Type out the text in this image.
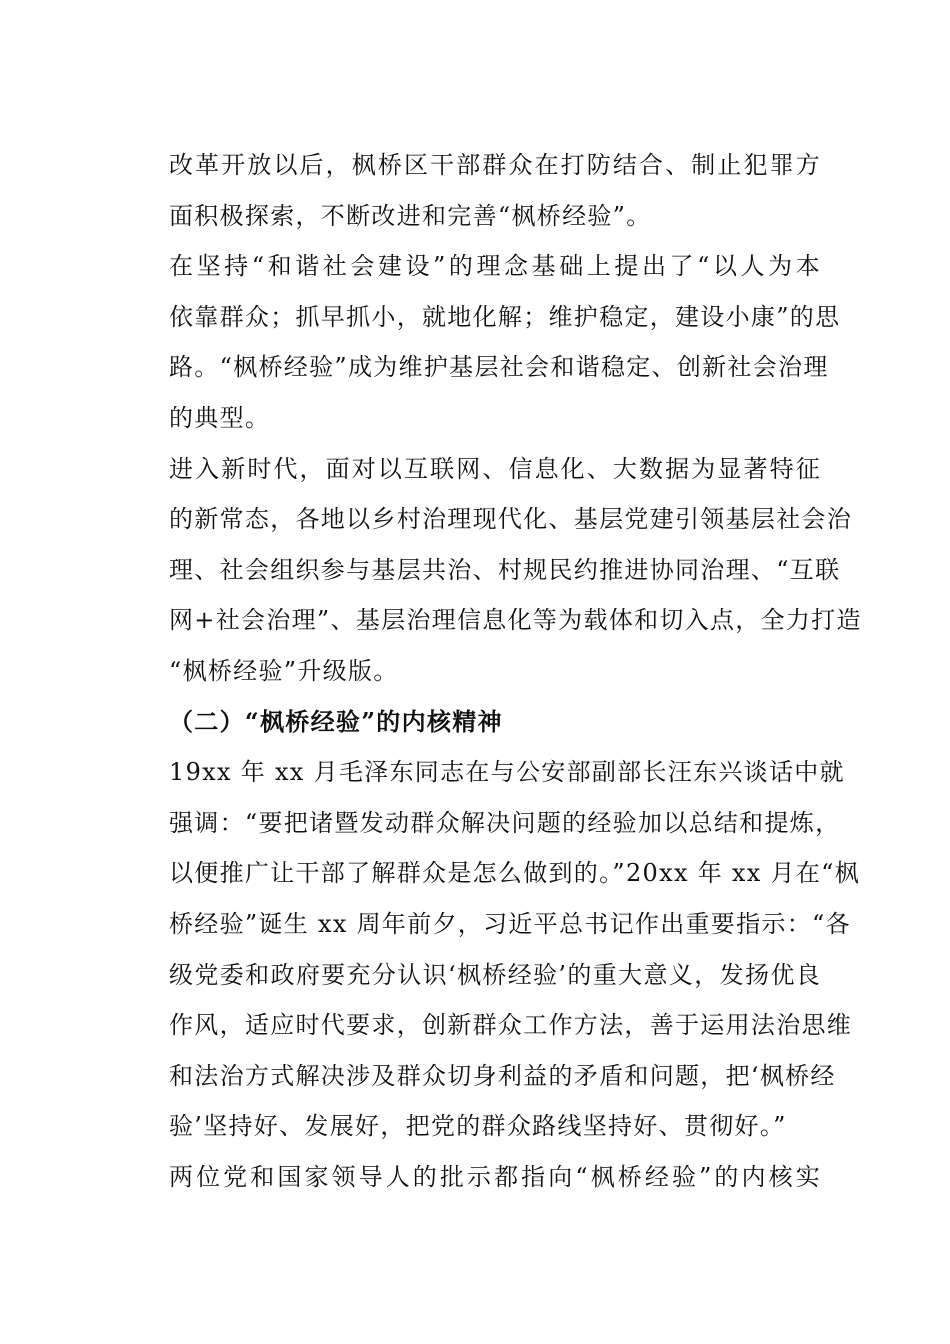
改革开放以后，枫桥区干部群众在打防结合、制止犯罪方
面积极探索，不断改进和完善“枫桥经验”。

在坚持“和谐社会建设”的理念基础上提出了“以人为本
依靠群众；抓早抓小，就地化解；维护稳定，建设小康”的思
路。“枫桥经验”成为维护基层社会和谐稳定、创新社会治理
的典型。

进入新时代，面对以互联网、信息化、大数据为显著特征
的新常态，各地以乡村治理现代化、基层党建引领基层社会治
理、社会组织参与基层共治、村规民约推进协同治理、“互联
网+社会治理”、基层治理信息化等为载体和切入点，全力打造
“枫桥经验”升级版。

（二）“枫桥经验”的内核精神

19xx 年 xx 月毛泽东同志在与公安部副部长汪东兴谈话中就
强调：“要把诸暨发动群众解决问题的经验加以总结和提炼，
以便推广让干部了解群众是怎么做到的。”20xx 年 xx 月在“枫
桥经验”诞生 xx 周年前夕，习近平总书记作出重要指示：“各
级党委和政府要充分认识‘枫桥经验’的重大意义，发扬优良
作风，适应时代要求，创新群众工作方法，善于运用法治思维
和法治方式解决涉及群众切身利益的矛盾和问题，把‘枫桥经
验’坚持好、发展好，把党的群众路线坚持好、贯彻好。”

两位党和国家领导人的批示都指向“枫桥经验”的内核实
